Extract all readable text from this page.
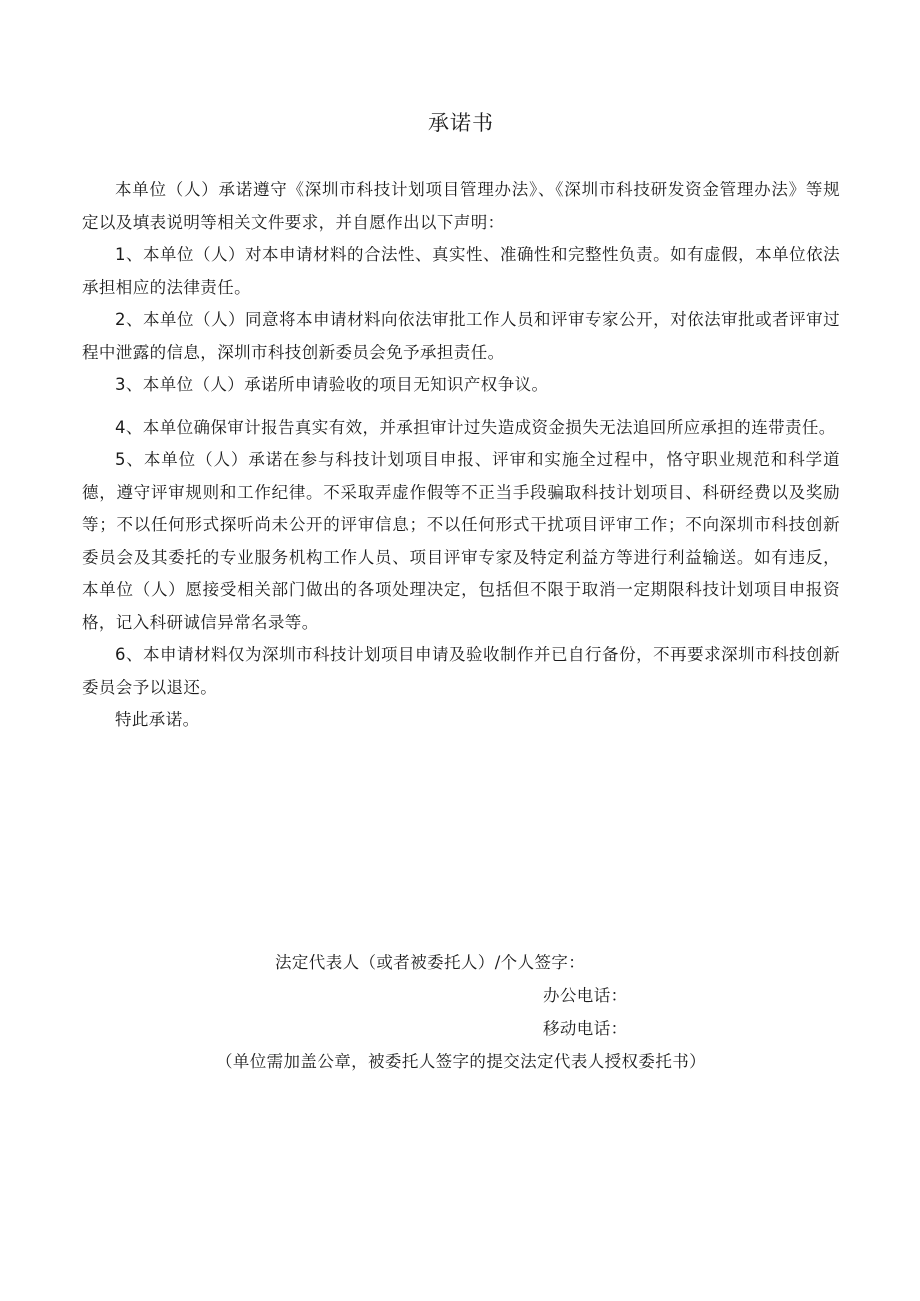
承诺书

本单位（人）承诺遵守《深圳市科技计划项目管理办法》、《深圳市科技研发资金管理办法》等规定以及填表说明等相关文件要求，并自愿作出以下声明：

1、本单位（人）对本申请材料的合法性、真实性、准确性和完整性负责。如有虚假，本单位依法承担相应的法律责任。

2、本单位（人）同意将本申请材料向依法审批工作人员和评审专家公开，对依法审批或者评审过程中泄露的信息，深圳市科技创新委员会免予承担责任。

3、本单位（人）承诺所申请验收的项目无知识产权争议。

4、本单位确保审计报告真实有效，并承担审计过失造成资金损失无法追回所应承担的连带责任。

5、本单位（人）承诺在参与科技计划项目申报、评审和实施全过程中，恪守职业规范和科学道德，遵守评审规则和工作纪律。不采取弄虚作假等不正当手段骗取科技计划项目、科研经费以及奖励等；不以任何形式探听尚未公开的评审信息；不以任何形式干扰项目评审工作；不向深圳市科技创新委员会及其委托的专业服务机构工作人员、项目评审专家及特定利益方等进行利益输送。如有违反，本单位（人）愿接受相关部门做出的各项处理决定，包括但不限于取消一定期限科技计划项目申报资格，记入科研诚信异常名录等。

6、本申请材料仅为深圳市科技计划项目申请及验收制作并已自行备份，不再要求深圳市科技创新委员会予以退还。

特此承诺。

法定代表人（或者被委托人）/个人签字：
办公电话：
移动电话：
（单位需加盖公章，被委托人签字的提交法定代表人授权委托书）
